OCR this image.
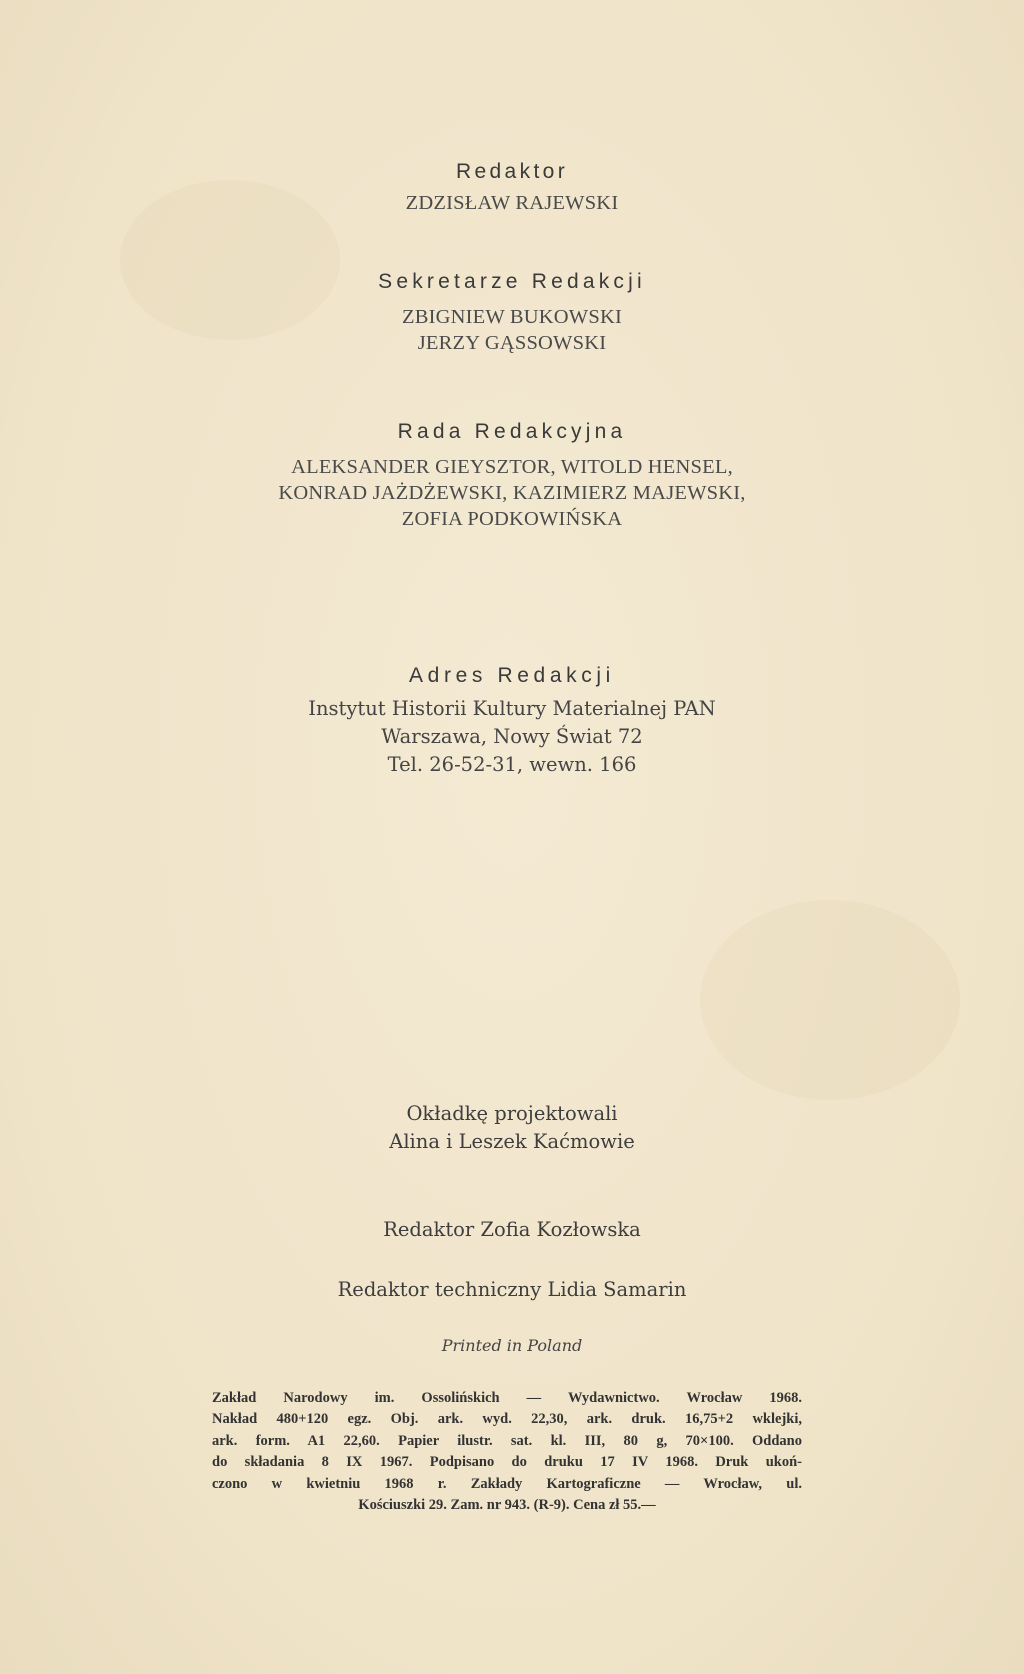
Redaktor
ZDZISŁAW RAJEWSKI
Sekretarze Redakcji
ZBIGNIEW BUKOWSKI
JERZY GĄSSOWSKI
Rada Redakcyjna
ALEKSANDER GIEYSZTOR, WITOLD HENSEL,
KONRAD JAŻDŻEWSKI, KAZIMIERZ MAJEWSKI,
ZOFIA PODKOWIŃSKA
Adres Redakcji
Instytut Historii Kultury Materialnej PAN
Warszawa, Nowy Świat 72
Tel. 26-52-31, wewn. 166
Okładkę projektowali
Alina i Leszek Kaćmowie
Redaktor Zofia Kozłowska
Redaktor techniczny Lidia Samarin
Printed in Poland
Zakład Narodowy im. Ossolińskich — Wydawnictwo. Wrocław 1968.
Nakład 480+120 egz. Obj. ark. wyd. 22,30, ark. druk. 16,75+2 wklejki,
ark. form. A1 22,60. Papier ilustr. sat. kl. III, 80 g, 70×100. Oddano
do składania 8 IX 1967. Podpisano do druku 17 IV 1968. Druk ukoń-
czono w kwietniu 1968 r. Zakłady Kartograficzne — Wrocław, ul.
Kościuszki 29. Zam. nr 943. (R-9). Cena zł 55.—
